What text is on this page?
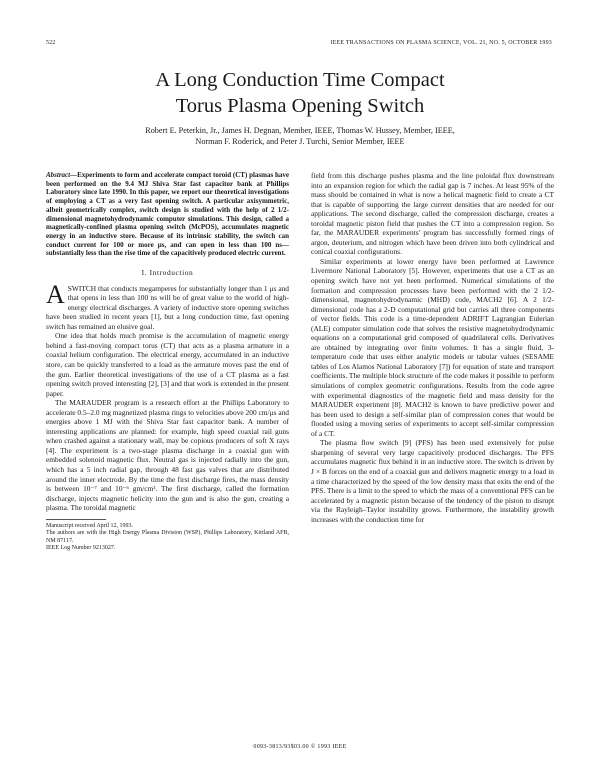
522	IEEE TRANSACTIONS ON PLASMA SCIENCE, VOL. 21, NO. 5, OCTOBER 1993
A Long Conduction Time Compact
Torus Plasma Opening Switch
Robert E. Peterkin, Jr., James H. Degnan, Member, IEEE, Thomas W. Hussey, Member, IEEE,
Norman F. Roderick, and Peter J. Turchi, Senior Member, IEEE

Abstract—Experiments to form and accelerate compact toroid (CT) plasmas have been performed on the 9.4 MJ Shiva Star fast capacitor bank at Phillips Laboratory since late 1990. In this paper, we report our theoretical investigations of employing a CT as a very fast opening switch. A particular axisymmetric, albeit geometrically complex, switch design is studied with the help of 2 1/2-dimensional magnetohydrodynamic computer simulations. This design, called a magnetically-confined plasma opening switch (McPOS), accumulates magnetic energy in an inductive store. Because of its intrinsic stability, the switch can conduct current for 100 or more μs, and can open in less than 100 ns—substantially less than the rise time of the capacitively produced electric current.

I. Introduction

ASWITCH that conducts megamperes for substantially longer than 1 μs and that opens in less than 100 ns will be of great value to the world of high-energy electrical discharges. A variety of inductive store opening switches have been studied in recent years [1], but a long conduction time, fast opening switch has remained an elusive goal.

One idea that holds much promise is the accumulation of magnetic energy behind a fast-moving compact torus (CT) that acts as a plasma armature in a coaxial helium configuration. The electrical energy, accumulated in an inductive store, can be quickly transferred to a load as the armature moves past the end of the gun. Earlier theoretical investigations of the use of a CT plasma as a fast opening switch proved interesting [2], [3] and that work is extended in the present paper.

The MARAUDER program is a research effort at the Phillips Laboratory to accelerate 0.5–2.0 mg magnetized plasma rings to velocities above 200 cm/μs and energies above 1 MJ with the Shiva Star fast capacitor bank. A number of interesting applications are planned: for example, high speed coaxial rail guns when crashed against a stationary wall, may be copious producers of soft X rays [4]. The experiment is a two-stage plasma discharge in a coaxial gun with embedded solenoid magnetic flux. Neutral gas is injected radially into the gun, which has a 5 inch radial gap, through 48 fast gas valves that are distributed around the inner electrode. By the time the first discharge fires, the mass density is between 10⁻⁷ and 10⁻⁶ gm/cm³. The first discharge, called the formation discharge, injects magnetic helicity into the gun and is also the gun, creating a plasma. The toroidal magnetic

Manuscript received April 12, 1993.

The authors are with the High Energy Plasma Division (WSP), Phillips Laboratory, Kirtland AFB, NM 87117.

IEEE Log Number 9213027.

field from this discharge pushes plasma and the line poloidal flux downstream into an expansion region for which the radial gap is 7 inches. At least 95% of the mass should be contained in what is now a helical magnetic field to create a CT that is capable of supporting the large current densities that are needed for our applications. The second discharge, called the compression discharge, creates a toroidal magnetic piston field that pushes the CT into a compression region. So far, the MARAUDER experiments' program has successfully formed rings of argon, deuterium, and nitrogen which have been driven into both cylindrical and conical coaxial configurations.

Similar experiments at lower energy have been performed at Lawrence Livermore National Laboratory [5]. However, experiments that use a CT as an opening switch have not yet been performed. Numerical simulations of the formation and compression processes have been performed with the 2 1/2-dimensional, magnetohydrodynamic (MHD) code, MACH2 [6]. A 2 1/2-dimensional code has a 2-D computational grid but carries all three components of vector fields. This code is a time-dependent ADRIFT Lagrangian Eulerian (ALE) computer simulation code that solves the resistive magnetohydrodynamic equations on a computational grid composed of quadrilateral cells. Derivatives are obtained by integrating over finite volumes. It has a single fluid, 3-temperature code that uses either analytic models or tabular values (SESAME tables of Los Alamos National Laboratory [7]) for equation of state and transport coefficients. The multiple block structure of the code makes it possible to perform simulations of complex geometric configurations. Results from the code agree with experimental diagnostics of the magnetic field and mass density for the MARAUDER experiment [8]. MACH2 is known to have predictive power and has been used to design a self-similar plan of compression cones that would be flooded using a moving series of experiments to accept self-similar compression of a CT.

The plasma flow switch [9] (PFS) has been used extensively for pulse sharpening of several very large capacitively produced discharges. The PFS accumulates magnetic flux behind it in an inductive store. The switch is driven by J × B forces on the end of a coaxial gun and delivers magnetic energy to a load in a time characterized by the speed of the low density mass that exits the end of the PFS. There is a limit to the speed to which the mass of a conventional PFS can be accelerated by a magnetic piston because of the tendency of the piston to disrupt via the Rayleigh–Taylor instability grows. Furthermore, the instability growth increases with the conduction time for

0093-3813/93$03.00 © 1993 IEEE
